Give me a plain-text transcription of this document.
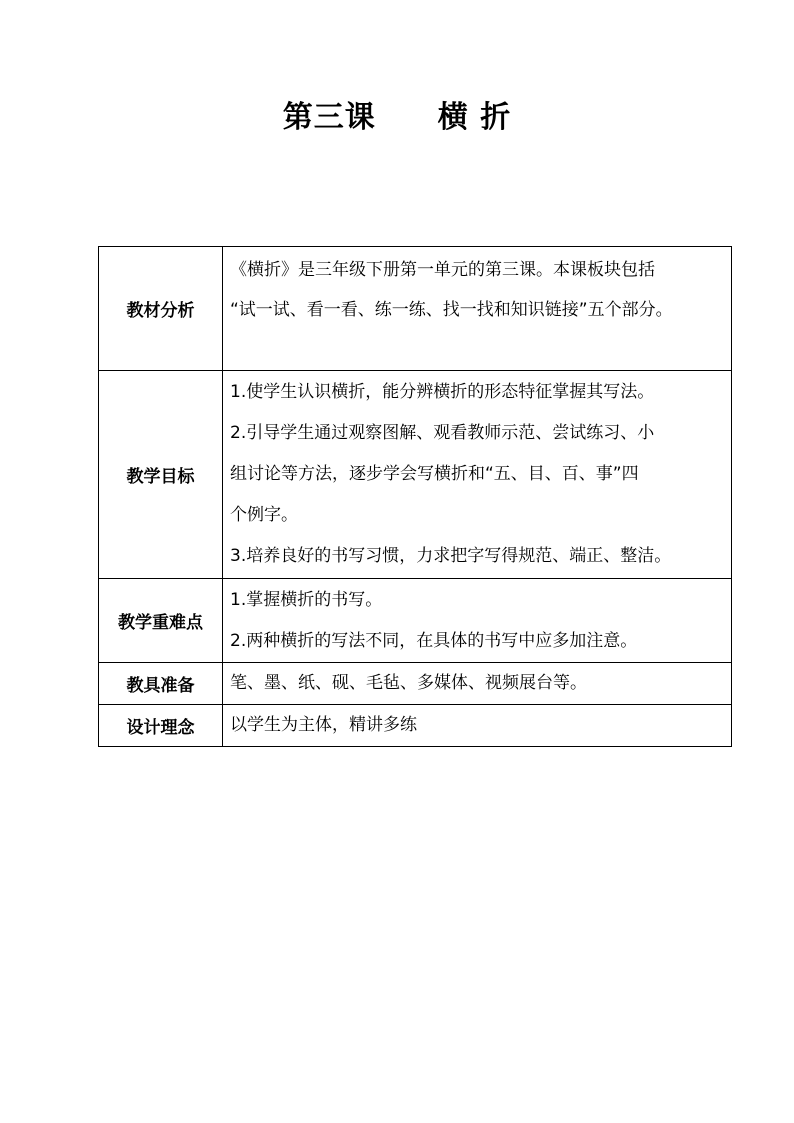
第三课　　横 折
教材分析	《横折》是三年级下册第一单元的第三课。本课板块包括

“试一试、看一看、练一练、找一找和知识链接”五个部分。

教学目标	1.使学生认识横折，能分辨横折的形态特征掌握其写法。

2.引导学生通过观察图解、观看教师示范、尝试练习、小

组讨论等方法，逐步学会写横折和“五、目、百、事”四

个例字。

3.培养良好的书写习惯，力求把字写得规范、端正、整洁。

教学重难点	1.掌握横折的书写。

2.两种横折的写法不同，在具体的书写中应多加注意。

教具准备	笔、墨、纸、砚、毛毡、多媒体、视频展台等。
设计理念	以学生为主体，精讲多练
